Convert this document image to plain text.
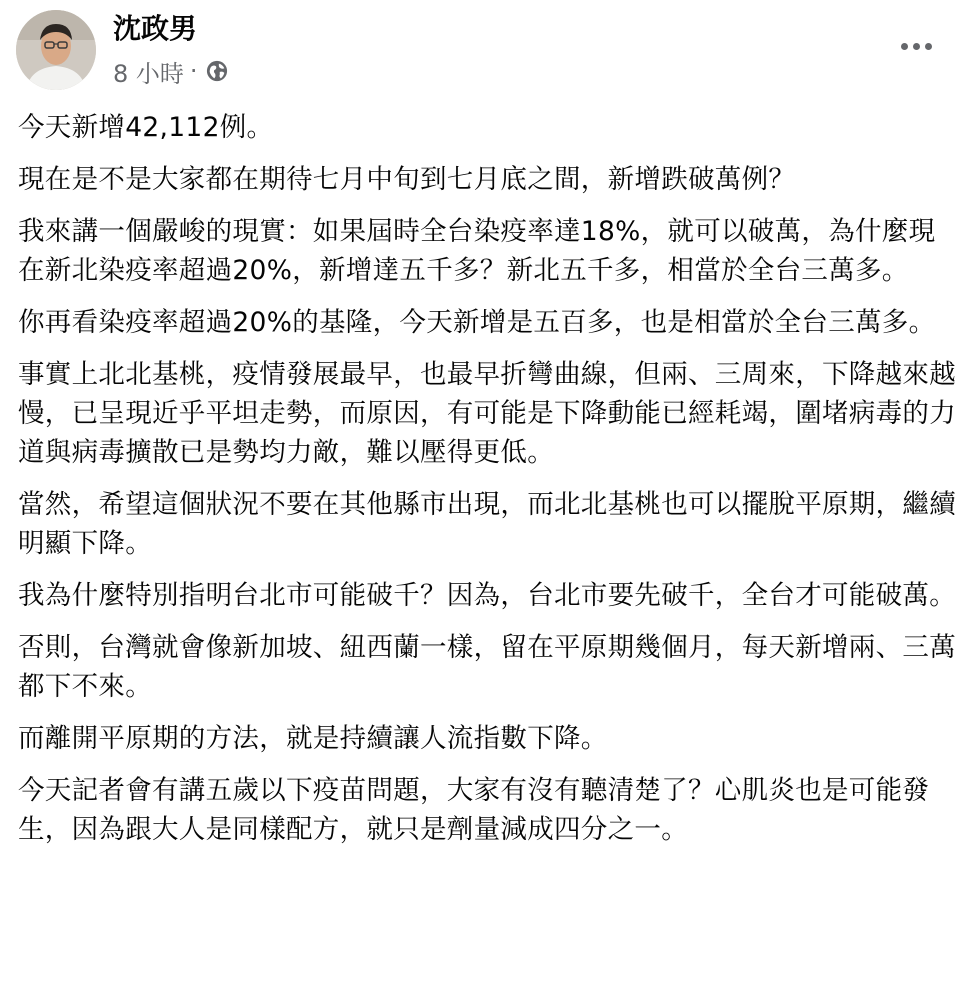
沈政男
8 小時 ·

今天新增42,112例。

現在是不是大家都在期待七月中旬到七月底之間，新增跌破萬例？

我來講一個嚴峻的現實：如果屆時全台染疫率達18%，就可以破萬，為什麼現在新北染疫率超過20%，新增達五千多？新北五千多，相當於全台三萬多。

你再看染疫率超過20%的基隆，今天新增是五百多，也是相當於全台三萬多。

事實上北北基桃，疫情發展最早，也最早折彎曲線，但兩、三周來，下降越來越慢，已呈現近乎平坦走勢，而原因，有可能是下降動能已經耗竭，圍堵病毒的力道與病毒擴散已是勢均力敵，難以壓得更低。

當然，希望這個狀況不要在其他縣市出現，而北北基桃也可以擺脫平原期，繼續明顯下降。

我為什麼特別指明台北市可能破千？因為，台北市要先破千，全台才可能破萬。

否則，台灣就會像新加坡、紐西蘭一樣，留在平原期幾個月，每天新增兩、三萬都下不來。

而離開平原期的方法，就是持續讓人流指數下降。

今天記者會有講五歲以下疫苗問題，大家有沒有聽清楚了？心肌炎也是可能發生，因為跟大人是同樣配方，就只是劑量減成四分之一。
